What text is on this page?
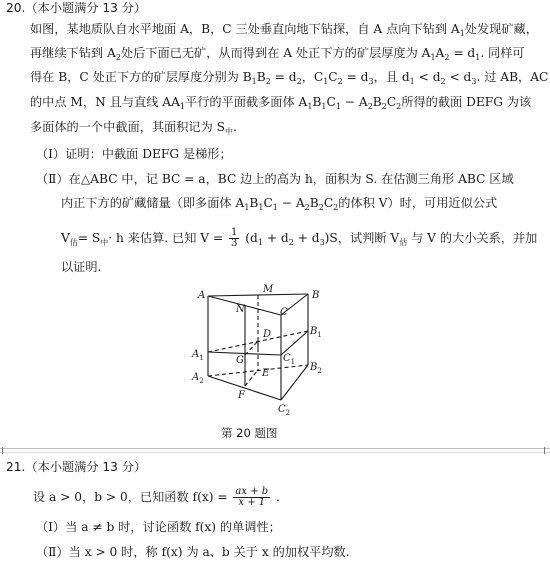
20.（本小题满分 13 分）
如图，某地质队自水平地面 A，B，C 三处垂直向地下钻探，自 A 点向下钻到 $A_1$处发现矿藏，
再继续下钻到 $A_2$处后下面已无矿，从而得到在 A 处正下方的矿层厚度为 $A_1A_2 = d_1$. 同样可
得在 B，C 处正下方的矿层厚度分别为 $B_1B_2 = d_2$，$C_1C_2 = d_3$，且 $d_1 < d_2 < d_3$. 过 AB，AC
的中点 M，N 且与直线 $AA_1$平行的平面截多面体 $A_1B_1C_1 - A_2B_2C_2$所得的截面 DEFG 为该
多面体的一个中截面，其面积记为 $S_中$.
（Ⅰ）证明：中截面 DEFG 是梯形；
（Ⅱ）在△ABC 中，记 BC = a，BC 边上的高为 h，面积为 S. 在估测三角形 ABC 区域
内正下方的矿藏储量（即多面体 $A_1B_1C_1 - A_2B_2C_2$的体积 V）时，可用近似公式
$V_估= S_中\cdot h$ 来估算. 已知 $V = \frac{1}{3} (d_1 + d_2 + d_3)S$，试判断 $V_估$ 与 V 的大小关系，并加
以证明.
A
M
B
N	C
D	$B_1$
$A_1$	G	$C_1$
E
$B_2$
$A_2$
F
$C_2$
第 20 题图
21.（本小题满分 13 分）
设 a > 0，b > 0，已知函数 $f(x) = \frac{ax + b}{x + 1}$ .
（Ⅰ）当 a ≠ b 时，讨论函数 f(x) 的单调性；
（Ⅱ）当 x > 0 时，称 f(x) 为 a、b 关于 x 的加权平均数.
